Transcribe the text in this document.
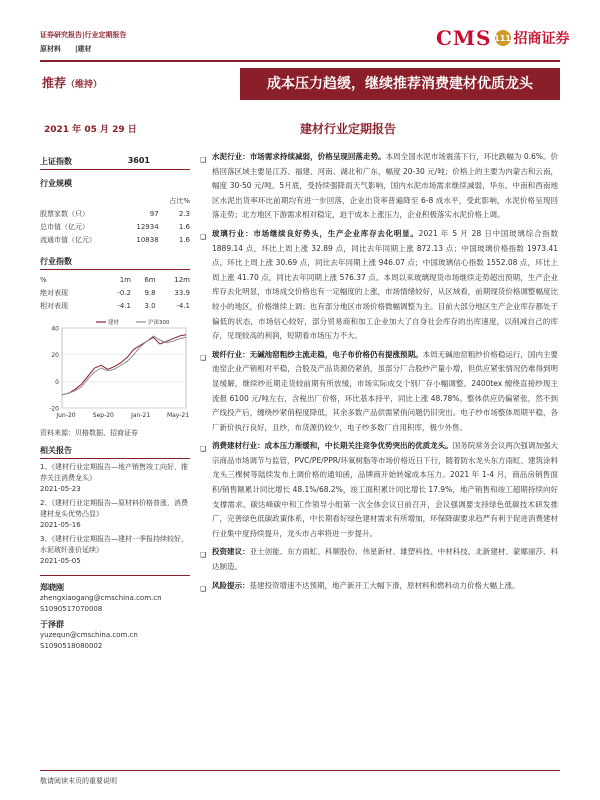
证券研究报告|行业定期报告
原材料　　|建材	CMS 111 招商证券
推荐（维持）	成本压力趋缓，继续推荐消费建材优质龙头
2021 年 05 月 29 日	建材行业定期报告
上证指数	3601
行业规模
		占比%
股票家数（只）	97	2.3
总市值（亿元）	12934	1.6
流通市值（亿元）	10838	1.6
行业指数
%	1m	6m	12m
绝对表现	-0.2	9.8	33.9
相对表现	-4.1	3.0	-4.1
40
20
0
-20
Jun-20	Sep-20	Jan-21	May-21
建材	沪深300
资料来源：贝格数据、招商证券
相关报告
1、《建材行业定期报告—地产销售竣工向好，推荐关注消费龙头》
2021-05-23
2、《建材行业定期报告—原材料价格普涨，消费建材龙头优势凸显》
2021-05-16
3、《建材行业定期报告—建材一季报持续较好，水泥玻纤涨价延续》
2021-05-05
郑晓刚
zhengxiaogang@cmschina.com.cn
S1090517070008
于泽群
yuzequn@cmschina.com.cn
S1090518080002
❑ 水泥行业：市场需求持续减弱，价格呈现回落走势。本周全国水泥市场震荡下行，环比跌幅为 0.6%。价格回落区域主要是江苏、福建、河南、湖北和广东，幅度 20-30 元/吨；价格上的主要为内蒙古和云南，幅度 30-50 元/吨。5月底，受持续强降雨天气影响，国内水泥市场需求继续减弱，华东、中南和西南地区水泥出货率环比前期均有进一步回落，企业出货率普遍降至 6-8 成水平，受此影响，水泥价格呈现回落走势；北方地区下游需求相对稳定，迫于成本上涨压力，企业积极落实水泥价格上调。
❑ 玻璃行业：市场继续良好势头，生产企业库存去化明显。2021 年 5 月 28 日中国玻璃综合指数 1889.14 点，环比上周上涨 32.89 点，同比去年同期上涨 872.13 点；中国玻璃价格指数 1973.41 点，环比上周上涨 30.69 点，同比去年同期上涨 946.07 点；中国玻璃信心指数 1552.08 点，环比上周上涨 41.70 点，同比去年同期上涨 576.37 点。本周以来玻璃现货市场继续走势超出预期，生产企业库存去化明显，市场成交价格也有一定幅度的上涨，市场情绪较好，从区域看，前期现货价格调整幅度比较小的地区，价格继续上调；也有部分地区市场价格微幅调整为主。目前大部分地区生产企业库存都处于偏低的状态，市场信心较好，部分贸易商和加工企业加大了自身社会库存的出库速度，以削减自己的库存，见现较高的利润，短期看市场压力不大。
❑ 玻纤行业：无碱池窑粗纱主流走稳，电子布价格仍有提涨预期。本周无碱池窑粗纱价格稳运行，国内主要池窑企业产销相对平稳，合股及产品货源仍紧俏，虽部分厂合股纱产量小增，但供应紧张情况仍难得到明显缓解，继续纱近期走货较前期有所放缓，市场实际成交个别厂存小幅调整。2400tex 缠绕直接纱现主流报 6100 元/吨左右，含税出厂价格，环比基本持平，同比上涨 48.78%。整体供应仍偏紧张，然不到产线投产后，缠绕纱紧俏程度降低，其余多数产品供需紧俏问题仍旧突出。电子纱市场整体周期平稳，各厂新价执行良好，且纱，布货源仍较少，电子纱多数厂自用积库，极少外售。
❑ 消费建材行业：成本压力渐缓和，中长期关注竞争优势突出的优质龙头。国务院常务会议两次强调加强大宗商品市场调节与监管，PVC/PE/PPR/环氧树脂等市场价格近日下行，随着防水龙头东方雨虹、建筑涂料龙头三棵树等陆续发布上调价格的通知函，品牌商开始转嫁成本压力。2021 年 1-4 月，商品房销售面积/销售额累计同比增长 48.1%/68.2%，竣工面积累计同比增长 17.9%，地产销售和竣工超期持续向好支撑需求。碳达峰碳中和工作领导小组第一次全体会议日前召开，会议强调要支持绿色低碳技术研发推广，完善绿色低碳政策体系，中长期看好绿色建材需求有所增加，环保降碳要求趋严有利于促进消费建材行业集中度持续提升，龙头市占率将进一步提升。
❑ 投资建议：亚士创能、东方雨虹、科顺股份、伟星新材、雄塑科技、中材科技、北新建材、蒙娜丽莎、科达制造。
❑ 风险提示：基建投资增速不达预期，地产新开工大幅下滑，原材料和燃料动力价格大幅上涨。
敬请阅读末页的重要说明
